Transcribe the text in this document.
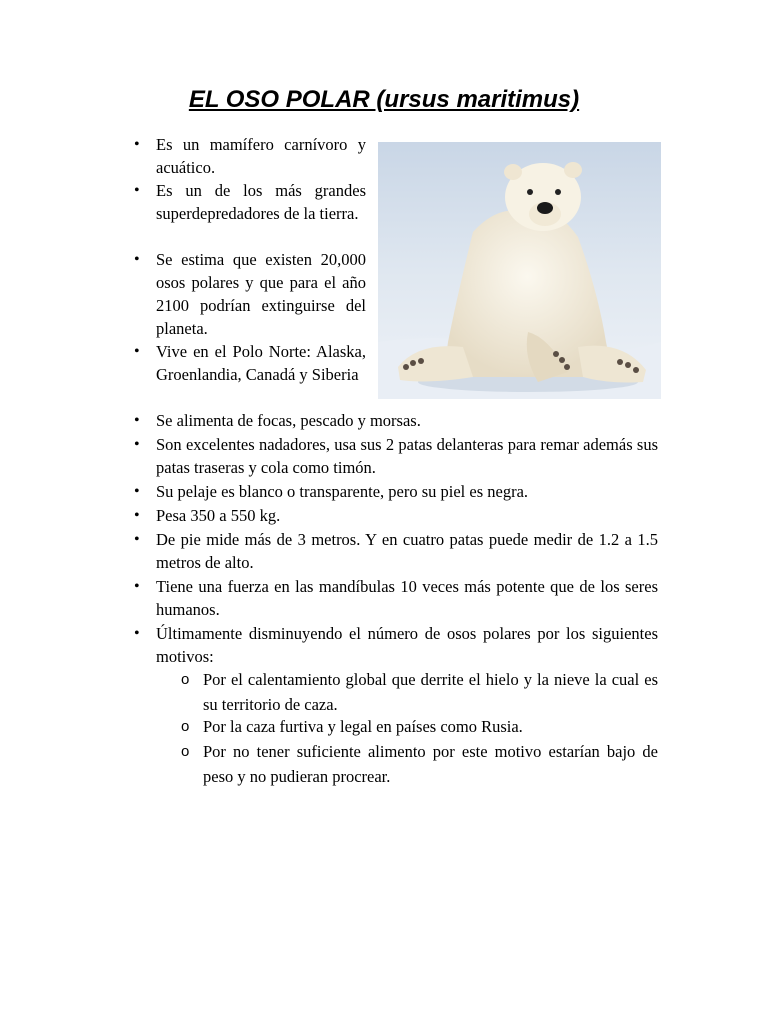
EL OSO POLAR (ursus maritimus)
• Es un mamífero carnívoro y acuático.
• Es un de los más grandes superdepredadores de la tierra.
• Se estima que existen 20,000 osos polares y que para el año 2100 podrían extinguirse del planeta.
• Vive en el Polo Norte: Alaska, Groenlandia, Canadá y Siberia
• Se alimenta de focas, pescado y morsas.
• Son excelentes nadadores, usa sus 2 patas delanteras para remar además sus patas traseras y cola como timón.
• Su pelaje es blanco o transparente, pero su piel es negra.
• Pesa 350 a 550 kg.
• De pie mide más de 3 metros. Y en cuatro patas puede medir de 1.2 a 1.5 metros de alto.
• Tiene una fuerza en las mandíbulas 10 veces más potente que de los seres humanos.
• Últimamente disminuyendo el número de osos polares por los siguientes motivos:
o Por el calentamiento global que derrite el hielo y la nieve la cual es su territorio de caza.
o Por la caza furtiva y legal en países como Rusia.
o Por no tener suficiente alimento por este motivo estarían bajo de peso y no pudieran procrear.
